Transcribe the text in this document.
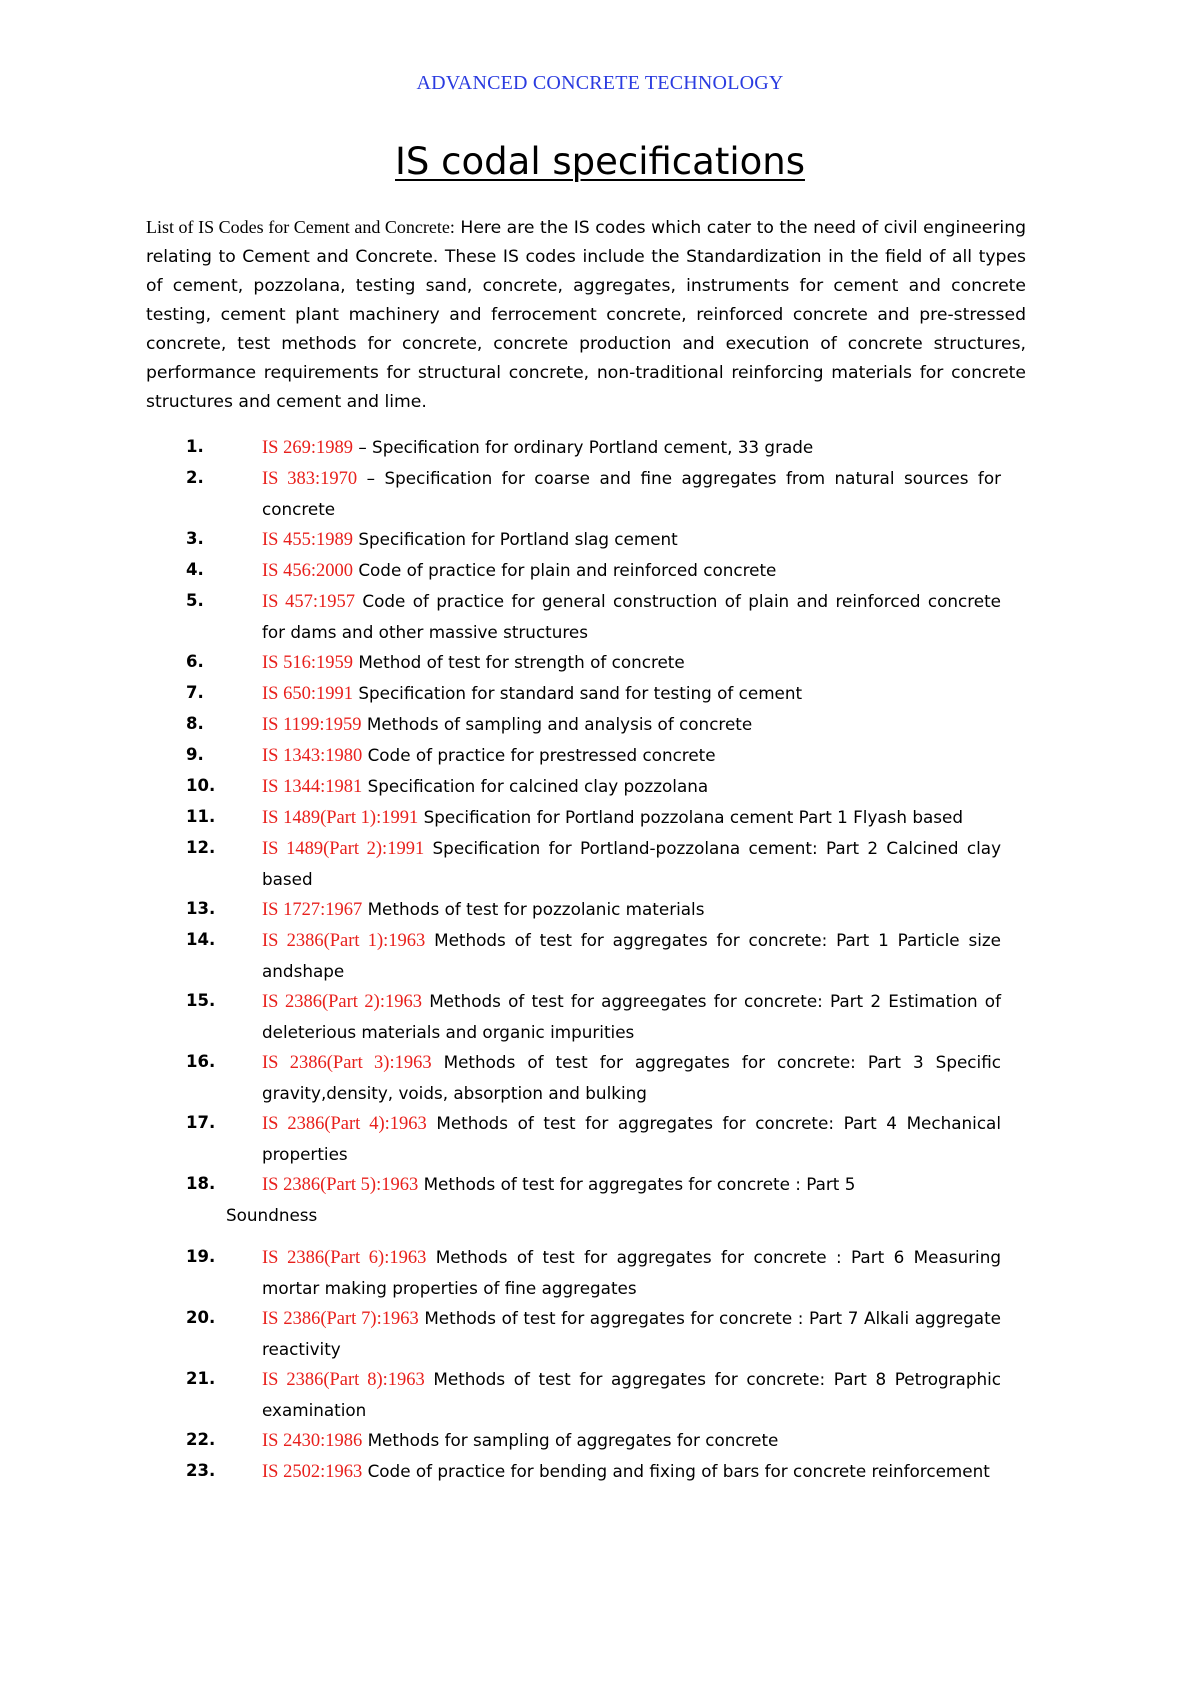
ADVANCED CONCRETE TECHNOLOGY
IS codal specifications
List of IS Codes for Cement and Concrete: Here are the IS codes which cater to the need of civil engineering relating to Cement and Concrete. These IS codes include the Standardization in the field of all types of cement, pozzolana, testing sand, concrete, aggregates, instruments for cement and concrete testing, cement plant machinery and ferrocement concrete, reinforced concrete and pre-stressed concrete, test methods for concrete, concrete production and execution of concrete structures, performance requirements for structural concrete, non-traditional reinforcing materials for concrete structures and cement and lime.
1.	IS 269:1989 – Specification for ordinary Portland cement, 33 grade
2.	IS 383:1970 – Specification for coarse and fine aggregates from natural sources for concrete
3.	IS 455:1989 Specification for Portland slag cement
4.	IS 456:2000 Code of practice for plain and reinforced concrete
5.	IS 457:1957 Code of practice for general construction of plain and reinforced concrete for dams and other massive structures
6.	IS 516:1959 Method of test for strength of concrete
7.	IS 650:1991 Specification for standard sand for testing of cement
8.	IS 1199:1959 Methods of sampling and analysis of concrete
9.	IS 1343:1980 Code of practice for prestressed concrete
10.	IS 1344:1981 Specification for calcined clay pozzolana
11.	IS 1489(Part 1):1991 Specification for Portland pozzolana cement Part 1 Flyash based
12.	IS 1489(Part 2):1991 Specification for Portland-pozzolana cement: Part 2 Calcined clay based
13.	IS 1727:1967 Methods of test for pozzolanic materials
14.	IS 2386(Part 1):1963 Methods of test for aggregates for concrete: Part 1 Particle size andshape
15.	IS 2386(Part 2):1963 Methods of test for aggreegates for concrete: Part 2 Estimation of deleterious materials and organic impurities
16.	IS 2386(Part 3):1963 Methods of test for aggregates for concrete: Part 3 Specific gravity,density, voids, absorption and bulking
17.	IS 2386(Part 4):1963 Methods of test for aggregates for concrete: Part 4 Mechanical properties
18.	IS 2386(Part 5):1963 Methods of test for aggregates for concrete : Part 5
Soundness
19.	IS 2386(Part 6):1963 Methods of test for aggregates for concrete : Part 6 Measuring mortar making properties of fine aggregates
20.	IS 2386(Part 7):1963 Methods of test for aggregates for concrete : Part 7 Alkali aggregate reactivity
21.	IS 2386(Part 8):1963 Methods of test for aggregates for concrete: Part 8 Petrographic examination
22.	IS 2430:1986 Methods for sampling of aggregates for concrete
23.	IS 2502:1963 Code of practice for bending and fixing of bars for concrete reinforcement
